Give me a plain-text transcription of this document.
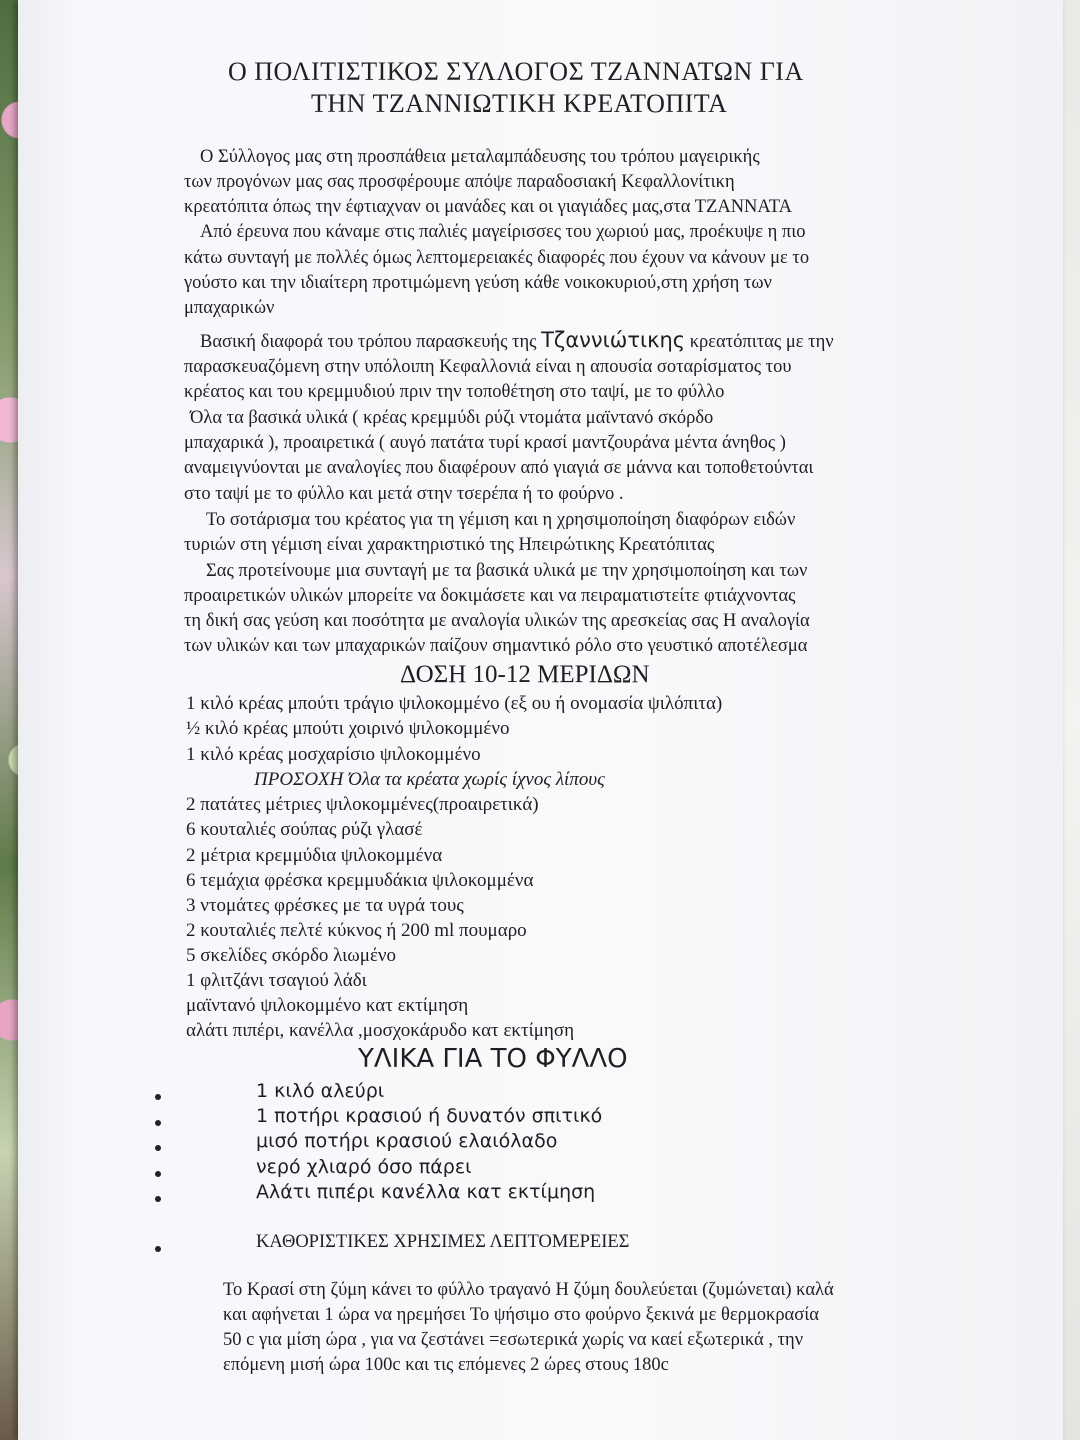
Ο ΠΟΛΙΤΙΣΤΙΚΟΣ ΣΥΛΛΟΓΟΣ ΤΖΑΝΝΑΤΩΝ ΓΙΑ
ΤΗΝ ΤΖΑΝΝΙΩΤΙΚΗ ΚΡΕΑΤΟΠΙΤΑ
Ο Σύλλογος μας στη προσπάθεια μεταλαμπάδευσης του τρόπου μαγειρικής
των προγόνων μας σας προσφέρουμε απόψε παραδοσιακή Κεφαλλονίτικη
κρεατόπιτα όπως την έφτιαχναν οι μανάδες και οι γιαγιάδες μας,στα ΤΖΑΝΝΑΤΑ
Από έρευνα που κάναμε στις παλιές μαγείρισσες του χωριού μας, προέκυψε η πιο
κάτω συνταγή με πολλές όμως λεπτομερειακές διαφορές που έχουν να κάνουν με το
γούστο και την ιδιαίτερη προτιμώμενη γεύση κάθε νοικοκυριού,στη χρήση των
μπαχαρικών
Βασική διαφορά του τρόπου παρασκευής της Τζαννιώτικης κρεατόπιτας με την
παρασκευαζόμενη στην υπόλοιπη Κεφαλλονιά είναι η απουσία σοταρίσματος του
κρέατος και του κρεμμυδιού πριν την τοποθέτηση στο ταψί, με το φύλλο
Όλα τα βασικά υλικά ( κρέας κρεμμύδι ρύζι ντομάτα μαϊντανό σκόρδο
μπαχαρικά ), προαιρετικά ( αυγό πατάτα τυρί κρασί μαντζουράνα μέντα άνηθος )
αναμειγνύονται με αναλογίες που διαφέρουν από γιαγιά σε μάννα και τοποθετούνται
στο ταψί με το φύλλο και μετά στην τσερέπα ή το φούρνο .
Το σοτάρισμα του κρέατος για τη γέμιση και η χρησιμοποίηση διαφόρων ειδών
τυριών στη γέμιση είναι χαρακτηριστικό της Ηπειρώτικης Κρεατόπιτας
Σας προτείνουμε μια συνταγή με τα βασικά υλικά με την χρησιμοποίηση και των
προαιρετικών υλικών μπορείτε να δοκιμάσετε και να πειραματιστείτε φτιάχνοντας
τη δική σας γεύση και ποσότητα με αναλογία υλικών της αρεσκείας σας Η αναλογία
των υλικών και των μπαχαρικών παίζουν σημαντικό ρόλο στο γευστικό αποτέλεσμα
ΔΟΣΗ 10-12 ΜΕΡΙΔΩΝ
1 κιλό κρέας μπούτι τράγιο ψιλοκομμένο (εξ ου ή ονομασία ψιλόπιτα)
½ κιλό κρέας μπούτι χοιρινό ψιλοκομμένο
1 κιλό κρέας μοσχαρίσιο ψιλοκομμένο
ΠΡΟΣΟΧΗ Όλα τα κρέατα χωρίς ίχνος λίπους
2 πατάτες μέτριες ψιλοκομμένες(προαιρετικά)
6 κουταλιές σούπας ρύζι γλασέ
2 μέτρια κρεμμύδια ψιλοκομμένα
6 τεμάχια φρέσκα κρεμμυδάκια ψιλοκομμένα
3 ντομάτες φρέσκες με τα υγρά τους
2 κουταλιές πελτέ κύκνος ή 200 ml πουμαρο
5 σκελίδες σκόρδο λιωμένο
1 φλιτζάνι τσαγιού λάδι
μαϊντανό ψιλοκομμένο κατ εκτίμηση
αλάτι πιπέρι, κανέλλα ,μοσχοκάρυδο κατ εκτίμηση
ΥΛΙΚΑ ΓΙΑ ΤΟ ΦΥΛΛΟ
1 κιλό αλεύρι
1 ποτήρι κρασιού ή δυνατόν σπιτικό
μισό ποτήρι κρασιού ελαιόλαδο
νερό χλιαρό όσο πάρει
Αλάτι πιπέρι κανέλλα κατ εκτίμηση
ΚΑΘΟΡΙΣΤΙΚΕΣ ΧΡΗΣΙΜΕΣ ΛΕΠΤΟΜΕΡΕΙΕΣ
Το Κρασί στη ζύμη κάνει το φύλλο τραγανό Η ζύμη δουλεύεται (ζυμώνεται) καλά
και αφήνεται 1 ώρα να ηρεμήσει Το ψήσιμο στο φούρνο ξεκινά με θερμοκρασία
50 c για μίση ώρα , για να ζεστάνει =εσωτερικά χωρίς να καεί εξωτερικά , την
επόμενη μισή ώρα 100c και τις επόμενες 2 ώρες στους 180c
